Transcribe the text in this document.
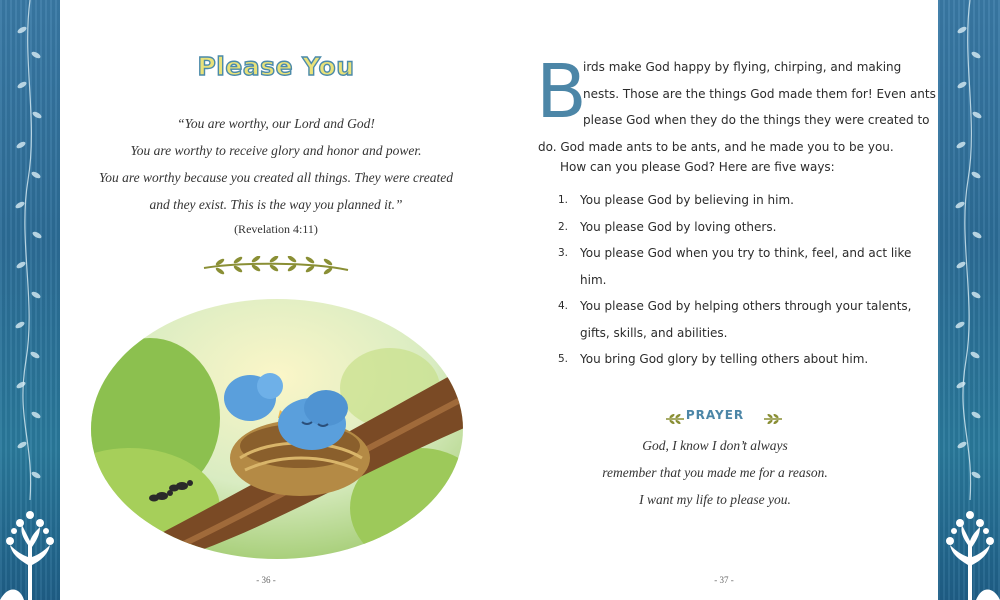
Please You
“You are worthy, our Lord and God!
You are worthy to receive glory and honor and power.
You are worthy because you created all things. They were created
and they exist. This is the way you planned it.”
(Revelation 4:11)
- 36 -
B
irds make God happy by flying, chirping, and making
nests. Those are the things God made them for! Even ants
please God when they do the things they were created to
do. God made ants to be ants, and he made you to be you.
How can you please God? Here are five ways:
1. You please God by believing in him.
2. You please God by loving others.
3. You please God when you try to think, feel, and act like him.
4. You please God by helping others through your talents,
gifts, skills, and abilities.
5. You bring God glory by telling others about him.
PRAYER
God, I know I don’t always
remember that you made me for a reason.
I want my life to please you.
- 37 -
